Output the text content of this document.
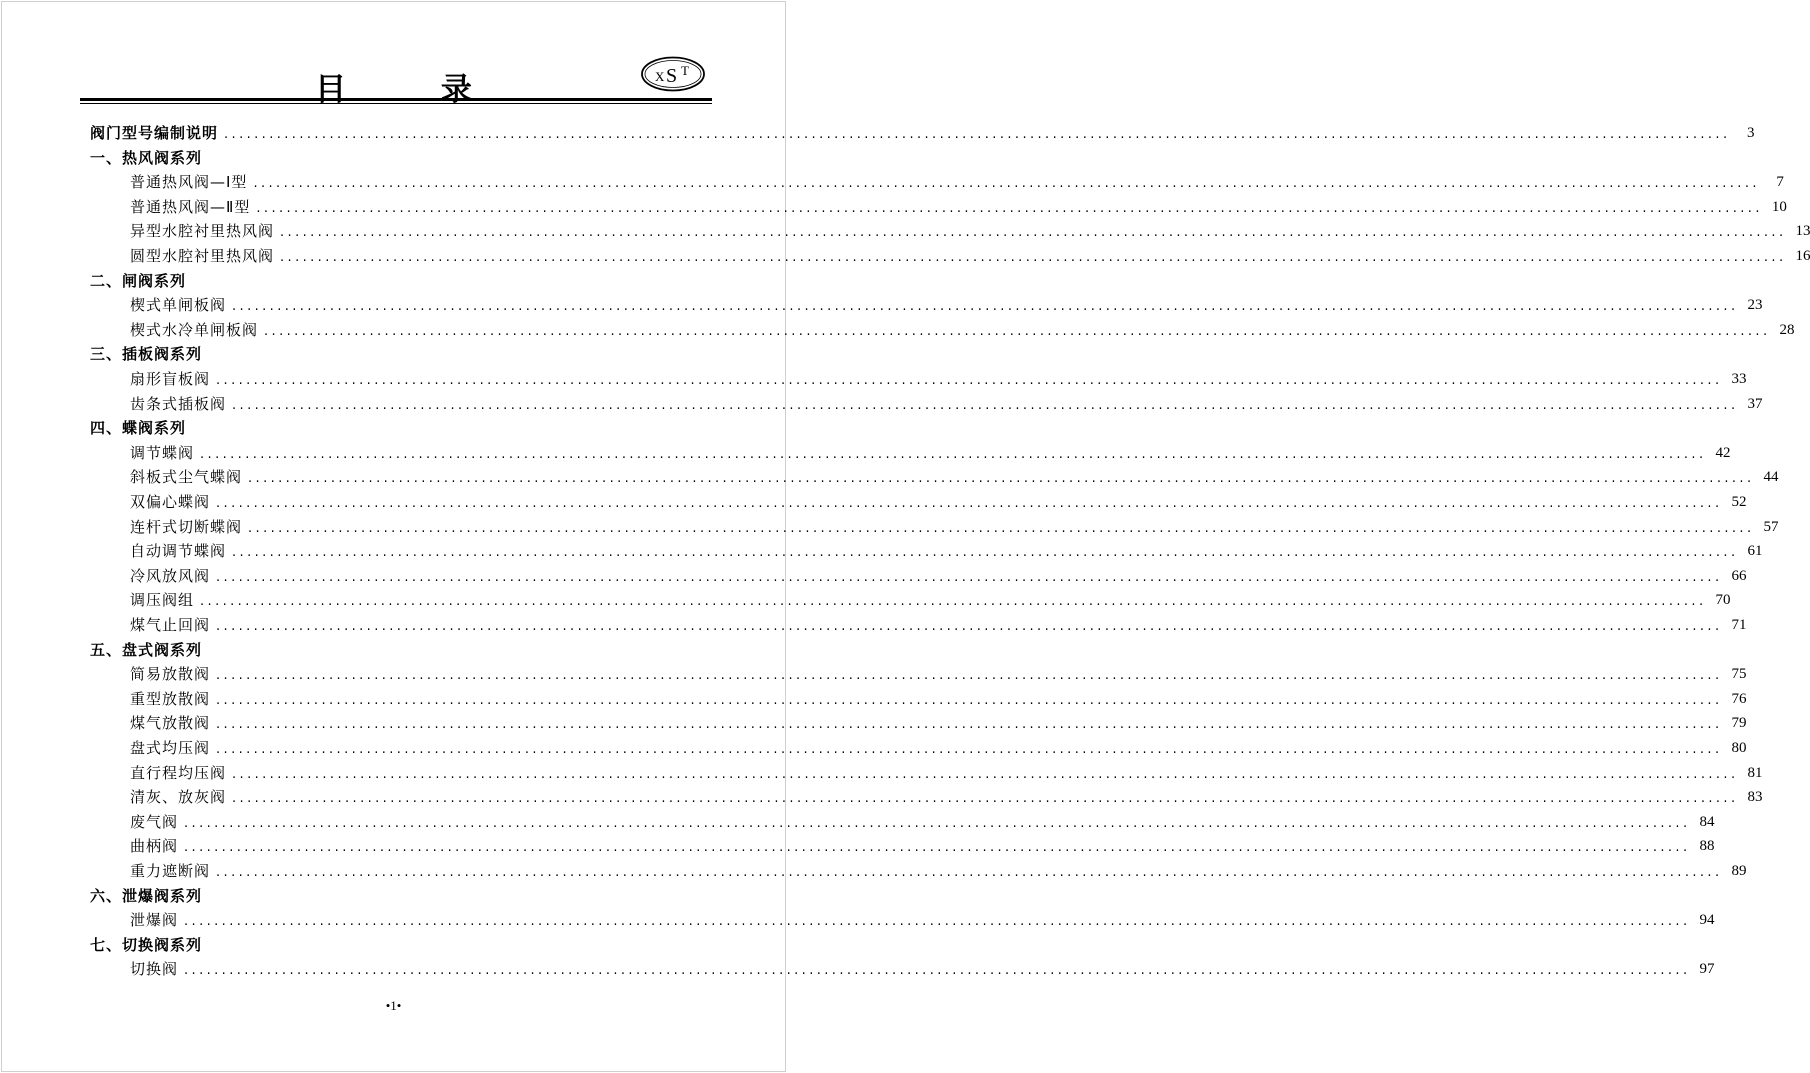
目 录	X S T
阀门型号编制说明 ........................................................................................................................................................................................................	3
一、热风阀系列
普通热风阀—Ⅰ型 ........................................................................................................................................................................................................	7
普通热风阀—Ⅱ型 ........................................................................................................................................................................................................ 10
异型水腔衬里热风阀 ........................................................................................................................................................................................................ 13
圆型水腔衬里热风阀 ........................................................................................................................................................................................................ 16
二、闸阀系列
楔式单闸板阀 ........................................................................................................................................................................................................ 23
楔式水冷单闸板阀 ........................................................................................................................................................................................................ 28
三、插板阀系列
扇形盲板阀 ........................................................................................................................................................................................................ 33
齿条式插板阀 ........................................................................................................................................................................................................ 37
四、蝶阀系列
调节蝶阀 ........................................................................................................................................................................................................ 42
斜板式尘气蝶阀 ........................................................................................................................................................................................................ 44
双偏心蝶阀 ........................................................................................................................................................................................................ 52
连杆式切断蝶阀 ........................................................................................................................................................................................................ 57
自动调节蝶阀 ........................................................................................................................................................................................................ 61
冷风放风阀 ........................................................................................................................................................................................................ 66
调压阀组 ........................................................................................................................................................................................................ 70
煤气止回阀 ........................................................................................................................................................................................................ 71
五、盘式阀系列
简易放散阀 ........................................................................................................................................................................................................ 75
重型放散阀 ........................................................................................................................................................................................................ 76
煤气放散阀 ........................................................................................................................................................................................................ 79
盘式均压阀 ........................................................................................................................................................................................................ 80
直行程均压阀 ........................................................................................................................................................................................................ 81
清灰、放灰阀 ........................................................................................................................................................................................................ 83
废气阀 ........................................................................................................................................................................................................ 84
曲柄阀 ........................................................................................................................................................................................................ 88
重力遮断阀 ........................................................................................................................................................................................................ 89
六、泄爆阀系列
泄爆阀 ........................................................................................................................................................................................................ 94
七、切换阀系列
切换阀 ........................................................................................................................................................................................................ 97
•1•
